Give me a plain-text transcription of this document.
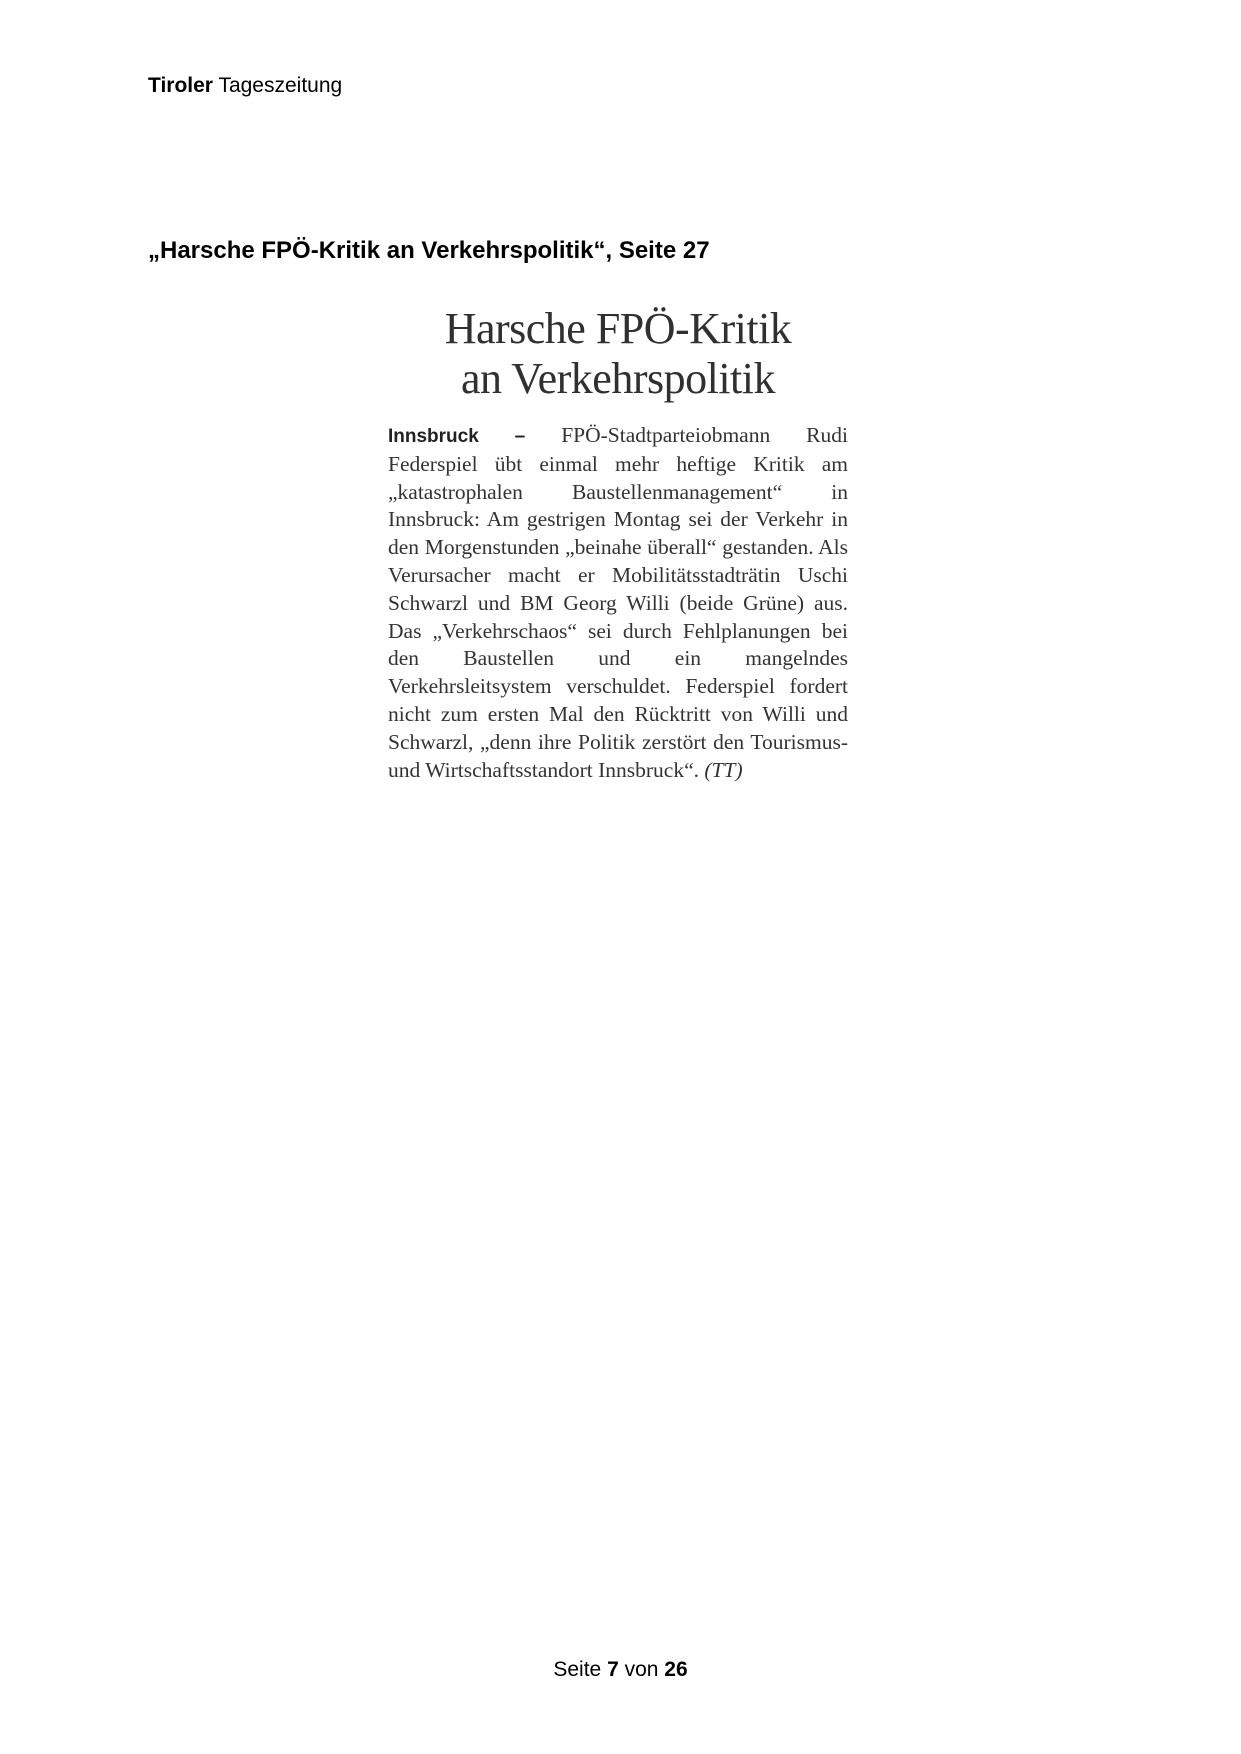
Tiroler Tageszeitung
„Harsche FPÖ-Kritik an Verkehrspolitik“, Seite 27
Harsche FPÖ-Kritik
an Verkehrspolitik

Innsbruck – FPÖ-Stadtparteiobmann Rudi Federspiel übt einmal mehr heftige Kritik am „katastrophalen Baustellenmanagement“ in Innsbruck: Am gestrigen Montag sei der Verkehr in den Morgenstunden „beinahe überall“ gestanden. Als Verursacher macht er Mobilitätsstadträtin Uschi Schwarzl und BM Georg Willi (beide Grüne) aus. Das „Verkehrschaos“ sei durch Fehlplanungen bei den Baustellen und ein mangelndes Verkehrsleitsystem verschuldet. Federspiel fordert nicht zum ersten Mal den Rücktritt von Willi und Schwarzl, „denn ihre Politik zerstört den Tourismus- und Wirtschaftsstandort Innsbruck“. (TT)

Seite 7 von 26
